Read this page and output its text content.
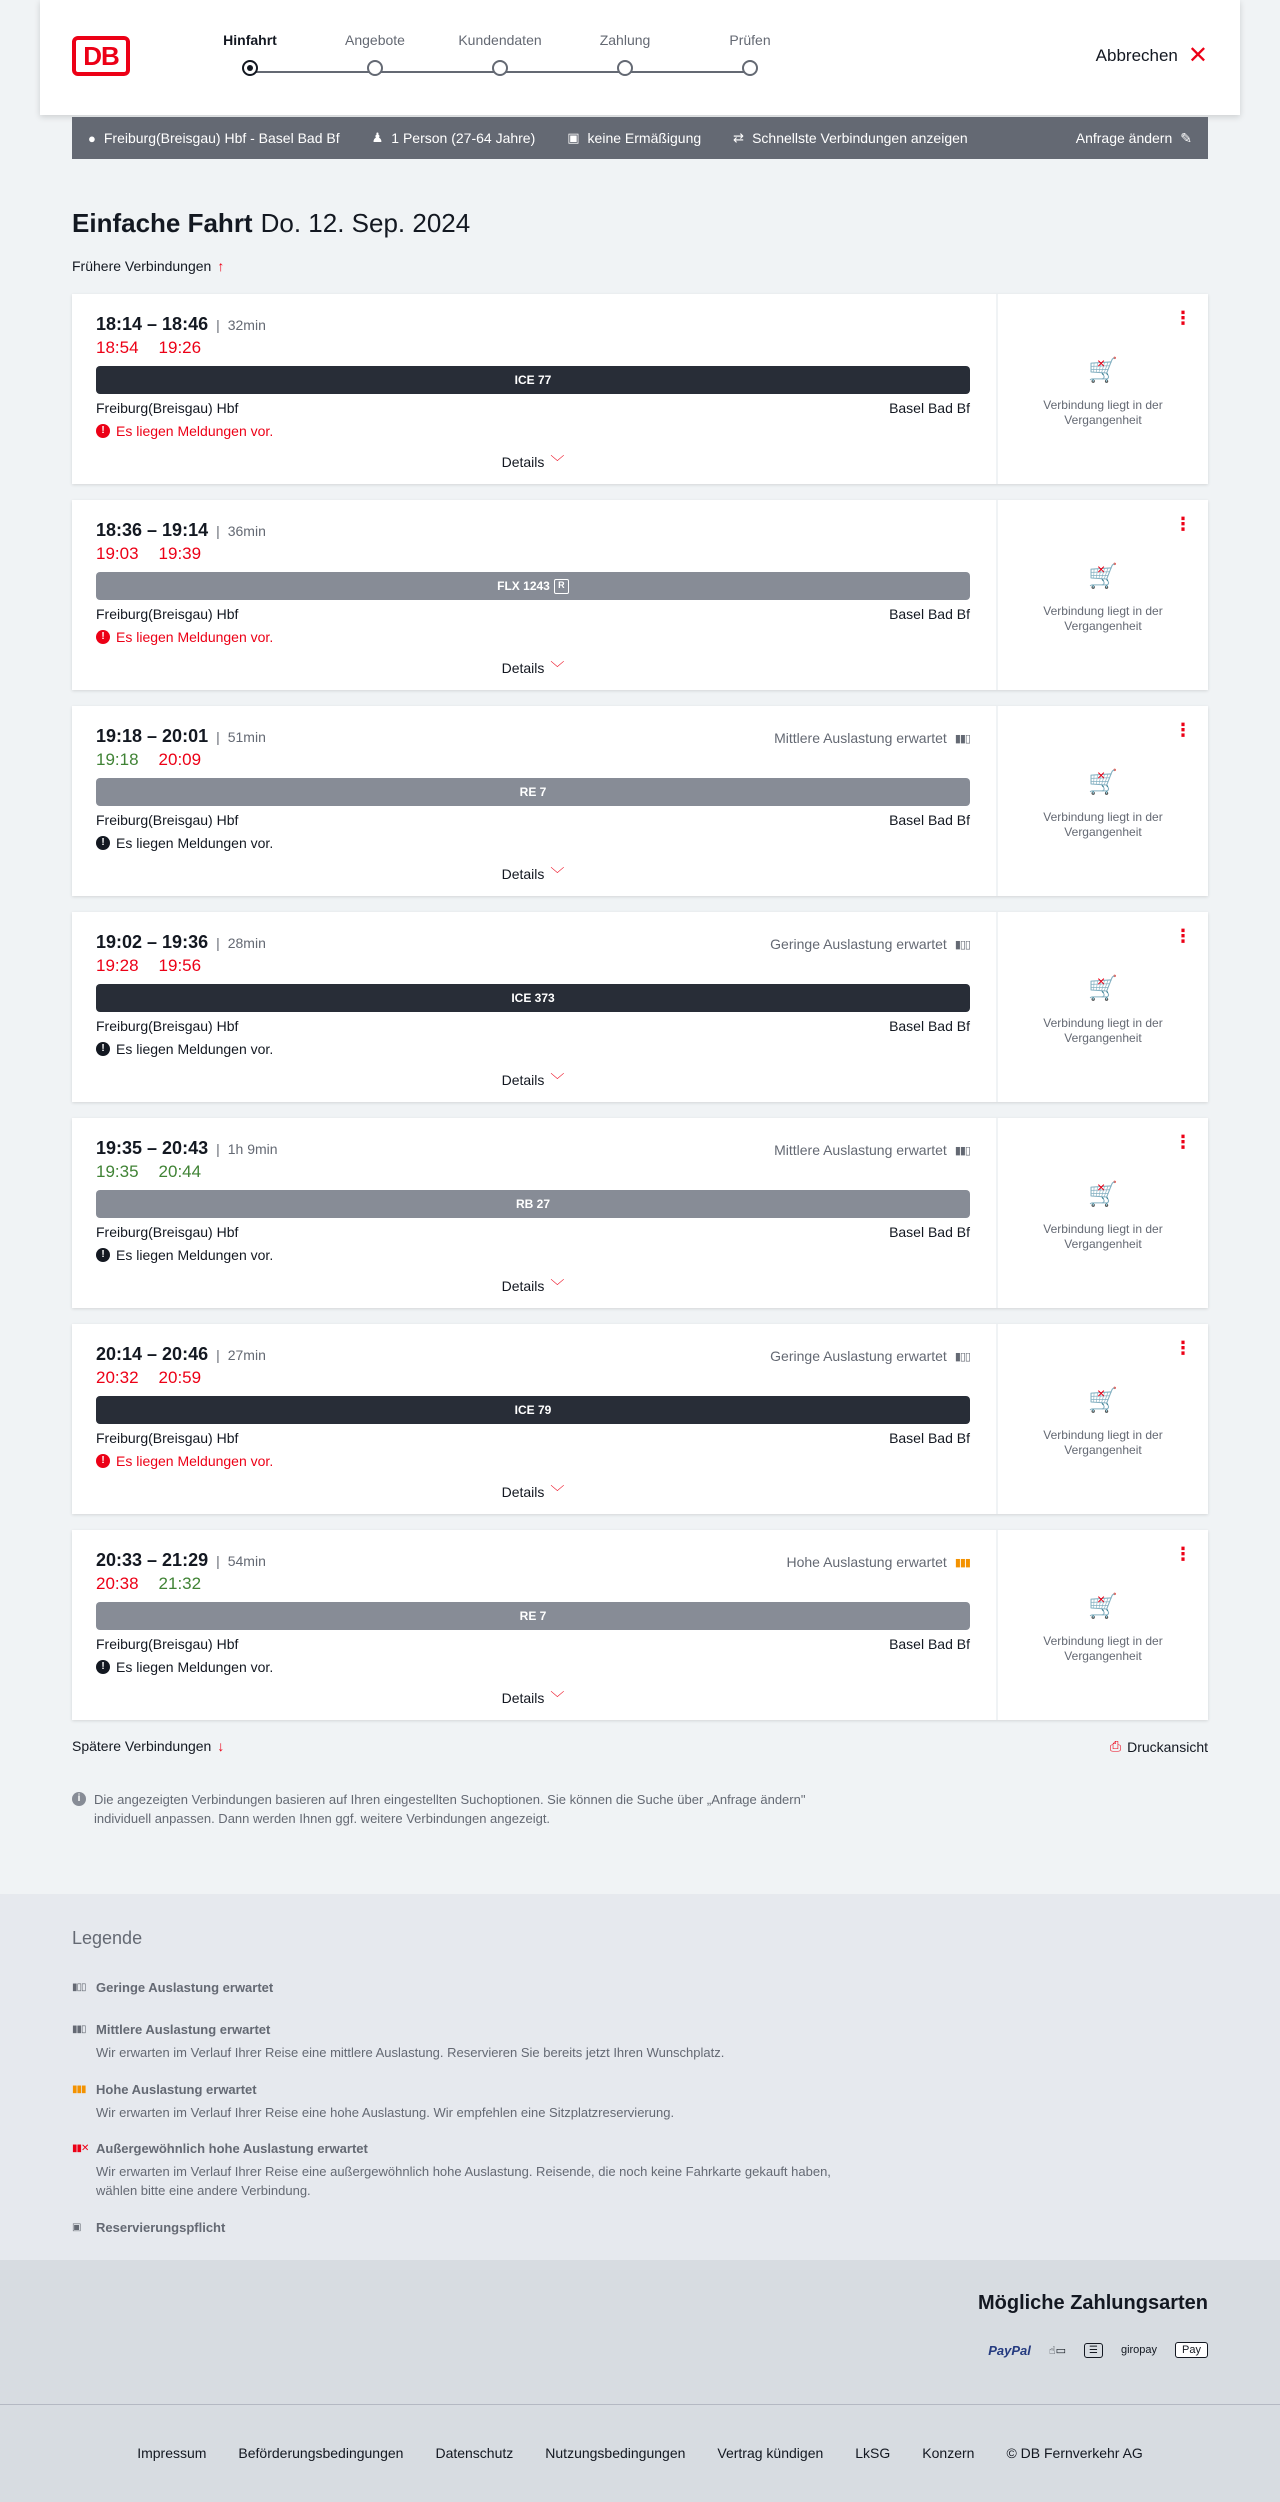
DB
Hinfahrt	Angebote	Kundendaten	Zahlung	Prüfen
Abbrechen ✕
● Freiburg(Breisgau) Hbf - Basel Bad Bf ♟ 1 Person (27-64 Jahre) ▣ keine Ermäßigung ⇄ Schnellste Verbindungen anzeigen	Anfrage ändern ✎
Einfache Fahrt Do. 12. Sep. 2024
Frühere Verbindungen ↑
18:14 – 18:46 | 32min
18:54 19:26
ICE 77
Freiburg(Breisgau) Hbf	Basel Bad Bf
! Es liegen Meldungen vor.
Details ﹀
⋮
🛒 ×
Verbindung liegt in der Vergangenheit
18:36 – 19:14 | 36min
19:03 19:39
FLX 1243 R
Freiburg(Breisgau) Hbf	Basel Bad Bf
! Es liegen Meldungen vor.
Details ﹀
⋮
🛒 ×
Verbindung liegt in der Vergangenheit
19:18 – 20:01 | 51min
19:18 20:09
Mittlere Auslastung erwartet ▮▮▯
RE 7
Freiburg(Breisgau) Hbf	Basel Bad Bf
! Es liegen Meldungen vor.
Details ﹀
⋮
🛒 ×
Verbindung liegt in der Vergangenheit
19:02 – 19:36 | 28min
19:28 19:56
Geringe Auslastung erwartet ▮▯▯
ICE 373
Freiburg(Breisgau) Hbf	Basel Bad Bf
! Es liegen Meldungen vor.
Details ﹀
⋮
🛒 ×
Verbindung liegt in der Vergangenheit
19:35 – 20:43 | 1h 9min
19:35 20:44
Mittlere Auslastung erwartet ▮▮▯
RB 27
Freiburg(Breisgau) Hbf	Basel Bad Bf
! Es liegen Meldungen vor.
Details ﹀
⋮
🛒 ×
Verbindung liegt in der Vergangenheit
20:14 – 20:46 | 27min
20:32 20:59
Geringe Auslastung erwartet ▮▯▯
ICE 79
Freiburg(Breisgau) Hbf	Basel Bad Bf
! Es liegen Meldungen vor.
Details ﹀
⋮
🛒 ×
Verbindung liegt in der Vergangenheit
20:33 – 21:29 | 54min
20:38 21:32
Hohe Auslastung erwartet ▮▮▮
RE 7
Freiburg(Breisgau) Hbf	Basel Bad Bf
! Es liegen Meldungen vor.
Details ﹀
⋮
🛒 ×
Verbindung liegt in der Vergangenheit
Spätere Verbindungen ↓	⎙ Druckansicht
i	Die angezeigten Verbindungen basieren auf Ihren eingestellten Suchoptionen. Sie können die Suche über „Anfrage ändern" individuell anpassen. Dann werden Ihnen ggf. weitere Verbindungen angezeigt.
Legende
▮▯▯ Geringe Auslastung erwartet
▮▮▯ Mittlere Auslastung erwartet
Wir erwarten im Verlauf Ihrer Reise eine mittlere Auslastung. Reservieren Sie bereits jetzt Ihren Wunschplatz.
▮▮▮ Hohe Auslastung erwartet
Wir erwarten im Verlauf Ihrer Reise eine hohe Auslastung. Wir empfehlen eine Sitzplatzreservierung.
▮▮✕ Außergewöhnlich hohe Auslastung erwartet
Wir erwarten im Verlauf Ihrer Reise eine außergewöhnlich hohe Auslastung. Reisende, die noch keine Fahrkarte gekauft haben, wählen bitte eine andere Verbindung.
▣	Reservierungspflicht
Mögliche Zahlungsarten
PayPal ☝▭	☰	giropay	Pay
Impressum Beförderungsbedingungen Datenschutz Nutzungsbedingungen Vertrag kündigen LkSG Konzern © DB Fernverkehr AG
